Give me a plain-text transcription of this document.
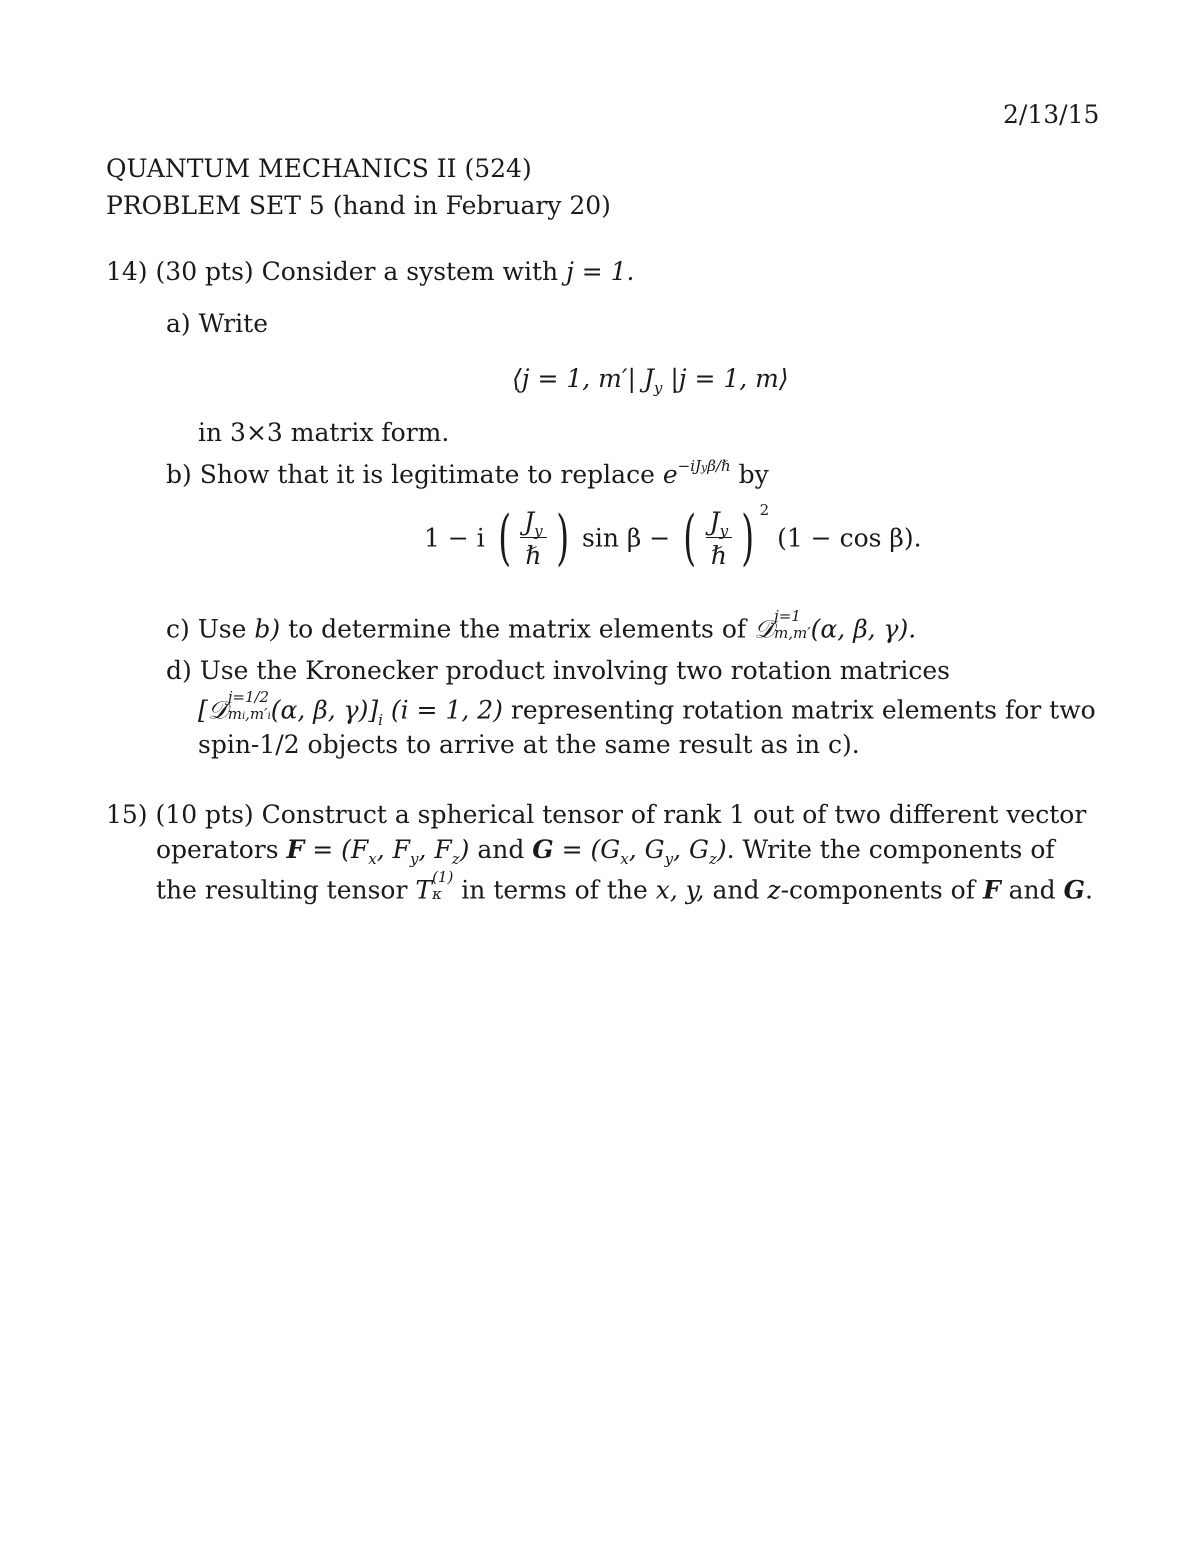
2/13/15
QUANTUM MECHANICS II (524)
PROBLEM SET 5 (hand in February 20)
14) (30 pts) Consider a system with j = 1.
a) Write
⟨j = 1, m′| $J_y$ |j = 1, m⟩
in 3×3 matrix form.
b) Show that it is legitimate to replace $e^{-iJy\beta/\hbar}$ by
1 − i ( $\frac{J_y}{\text{ℏ}}$ ) sin β − ( $\frac{J_y}{\text{ℏ}}$ ) $^2$ (1 − cos β).
c) Use b) to determine the matrix elements of 𝒟 j=1
m,m′ (α, β, γ).
d) Use the Kronecker product involving two rotation matrices
[𝒟 j=1/2
mi,m′i (α, β, $\gamma)]_i$ (i = 1, 2) representing rotation matrix elements for two
spin-1/2 objects to arrive at the same result as in c).
15) (10 pts) Construct a spherical tensor of rank 1 out of two different vector
operators $F = (F_x$, $F_y$, $F_z$) and $G = (G_x$, $G_y$, $G_z$). Write the components of
the resulting tensor T (1)
κ in terms of the x, y, and z-components of F and G.
